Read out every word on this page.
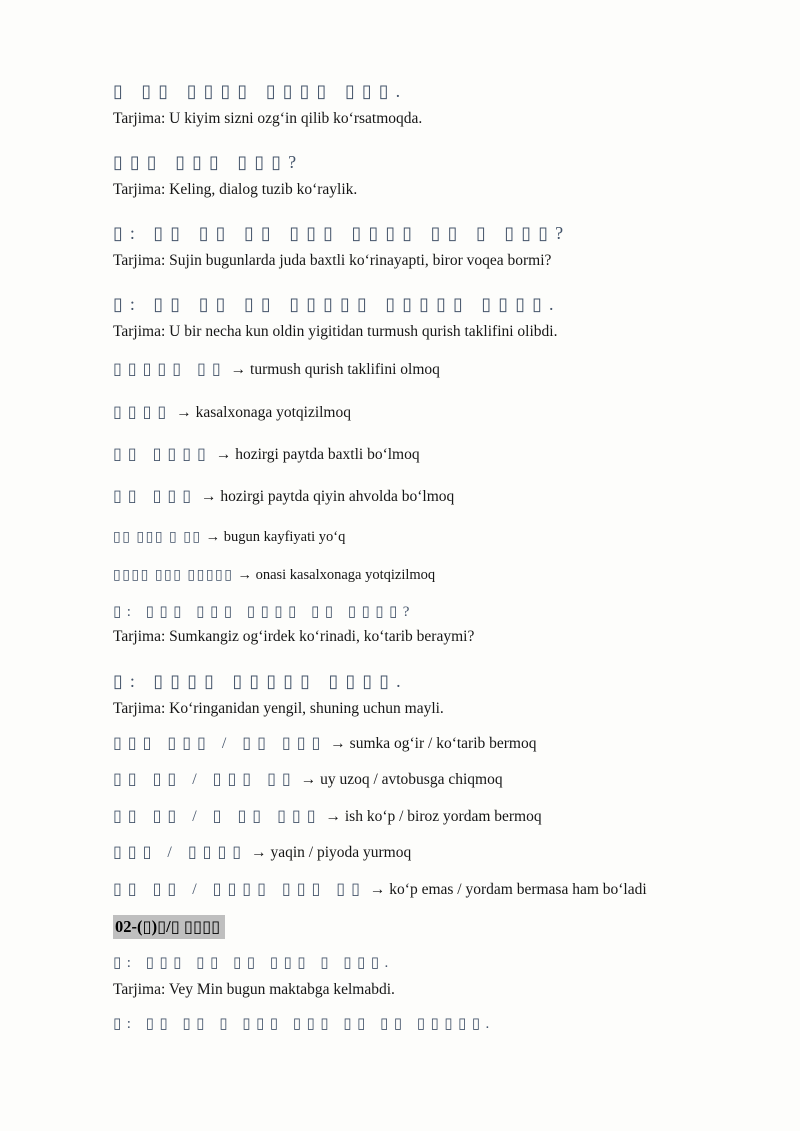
▯ ▯▯ ▯▯▯▯ ▯▯▯▯ ▯▯▯.

Tarjima: U kiyim sizni ozg‘in qilib ko‘rsatmoqda.

▯▯▯ ▯▯▯ ▯▯▯?

Tarjima: Keling, dialog tuzib ko‘raylik.

▯: ▯▯ ▯▯ ▯▯ ▯▯▯ ▯▯▯▯ ▯▯ ▯ ▯▯▯?

Tarjima: Sujin bugunlarda juda baxtli ko‘rinayapti, biror voqea bormi?

▯: ▯▯ ▯▯ ▯▯ ▯▯▯▯▯ ▯▯▯▯▯ ▯▯▯▯.

Tarjima: U bir necha kun oldin yigitidan turmush qurish taklifini olibdi.

▯▯▯▯▯ ▯▯ → turmush qurish taklifini olmoq

▯▯▯▯ → kasalxonaga yotqizilmoq

▯▯ ▯▯▯▯ → hozirgi paytda baxtli bo‘lmoq

▯▯ ▯▯▯ → hozirgi paytda qiyin ahvolda bo‘lmoq

▯▯ ▯▯▯ ▯ ▯▯ → bugun kayfiyati yo‘q

▯▯▯▯ ▯▯▯ ▯▯▯▯▯ → onasi kasalxonaga yotqizilmoq

▯: ▯▯▯ ▯▯▯ ▯▯▯▯ ▯▯ ▯▯▯▯?

Tarjima: Sumkangiz og‘irdek ko‘rinadi, ko‘tarib beraymi?

▯: ▯▯▯▯ ▯▯▯▯▯ ▯▯▯▯.

Tarjima: Ko‘ringanidan yengil, shuning uchun mayli.

▯▯▯ ▯▯▯ / ▯▯ ▯▯▯ → sumka og‘ir / ko‘tarib bermoq

▯▯ ▯▯ / ▯▯▯ ▯▯ → uy uzoq / avtobusga chiqmoq

▯▯ ▯▯ / ▯ ▯▯ ▯▯▯ → ish ko‘p / biroz yordam bermoq

▯▯▯ / ▯▯▯▯ → yaqin / piyoda yurmoq

▯▯ ▯▯ / ▯▯▯▯ ▯▯▯ ▯▯ → ko‘p emas / yordam bermasa ham bo‘ladi

02-(▯)▯/▯ ▯▯▯▯

▯: ▯▯▯ ▯▯ ▯▯ ▯▯▯ ▯ ▯▯▯.

Tarjima: Vey Min bugun maktabga kelmabdi.

▯: ▯▯ ▯▯ ▯ ▯▯▯ ▯▯▯ ▯▯ ▯▯ ▯▯▯▯▯.
